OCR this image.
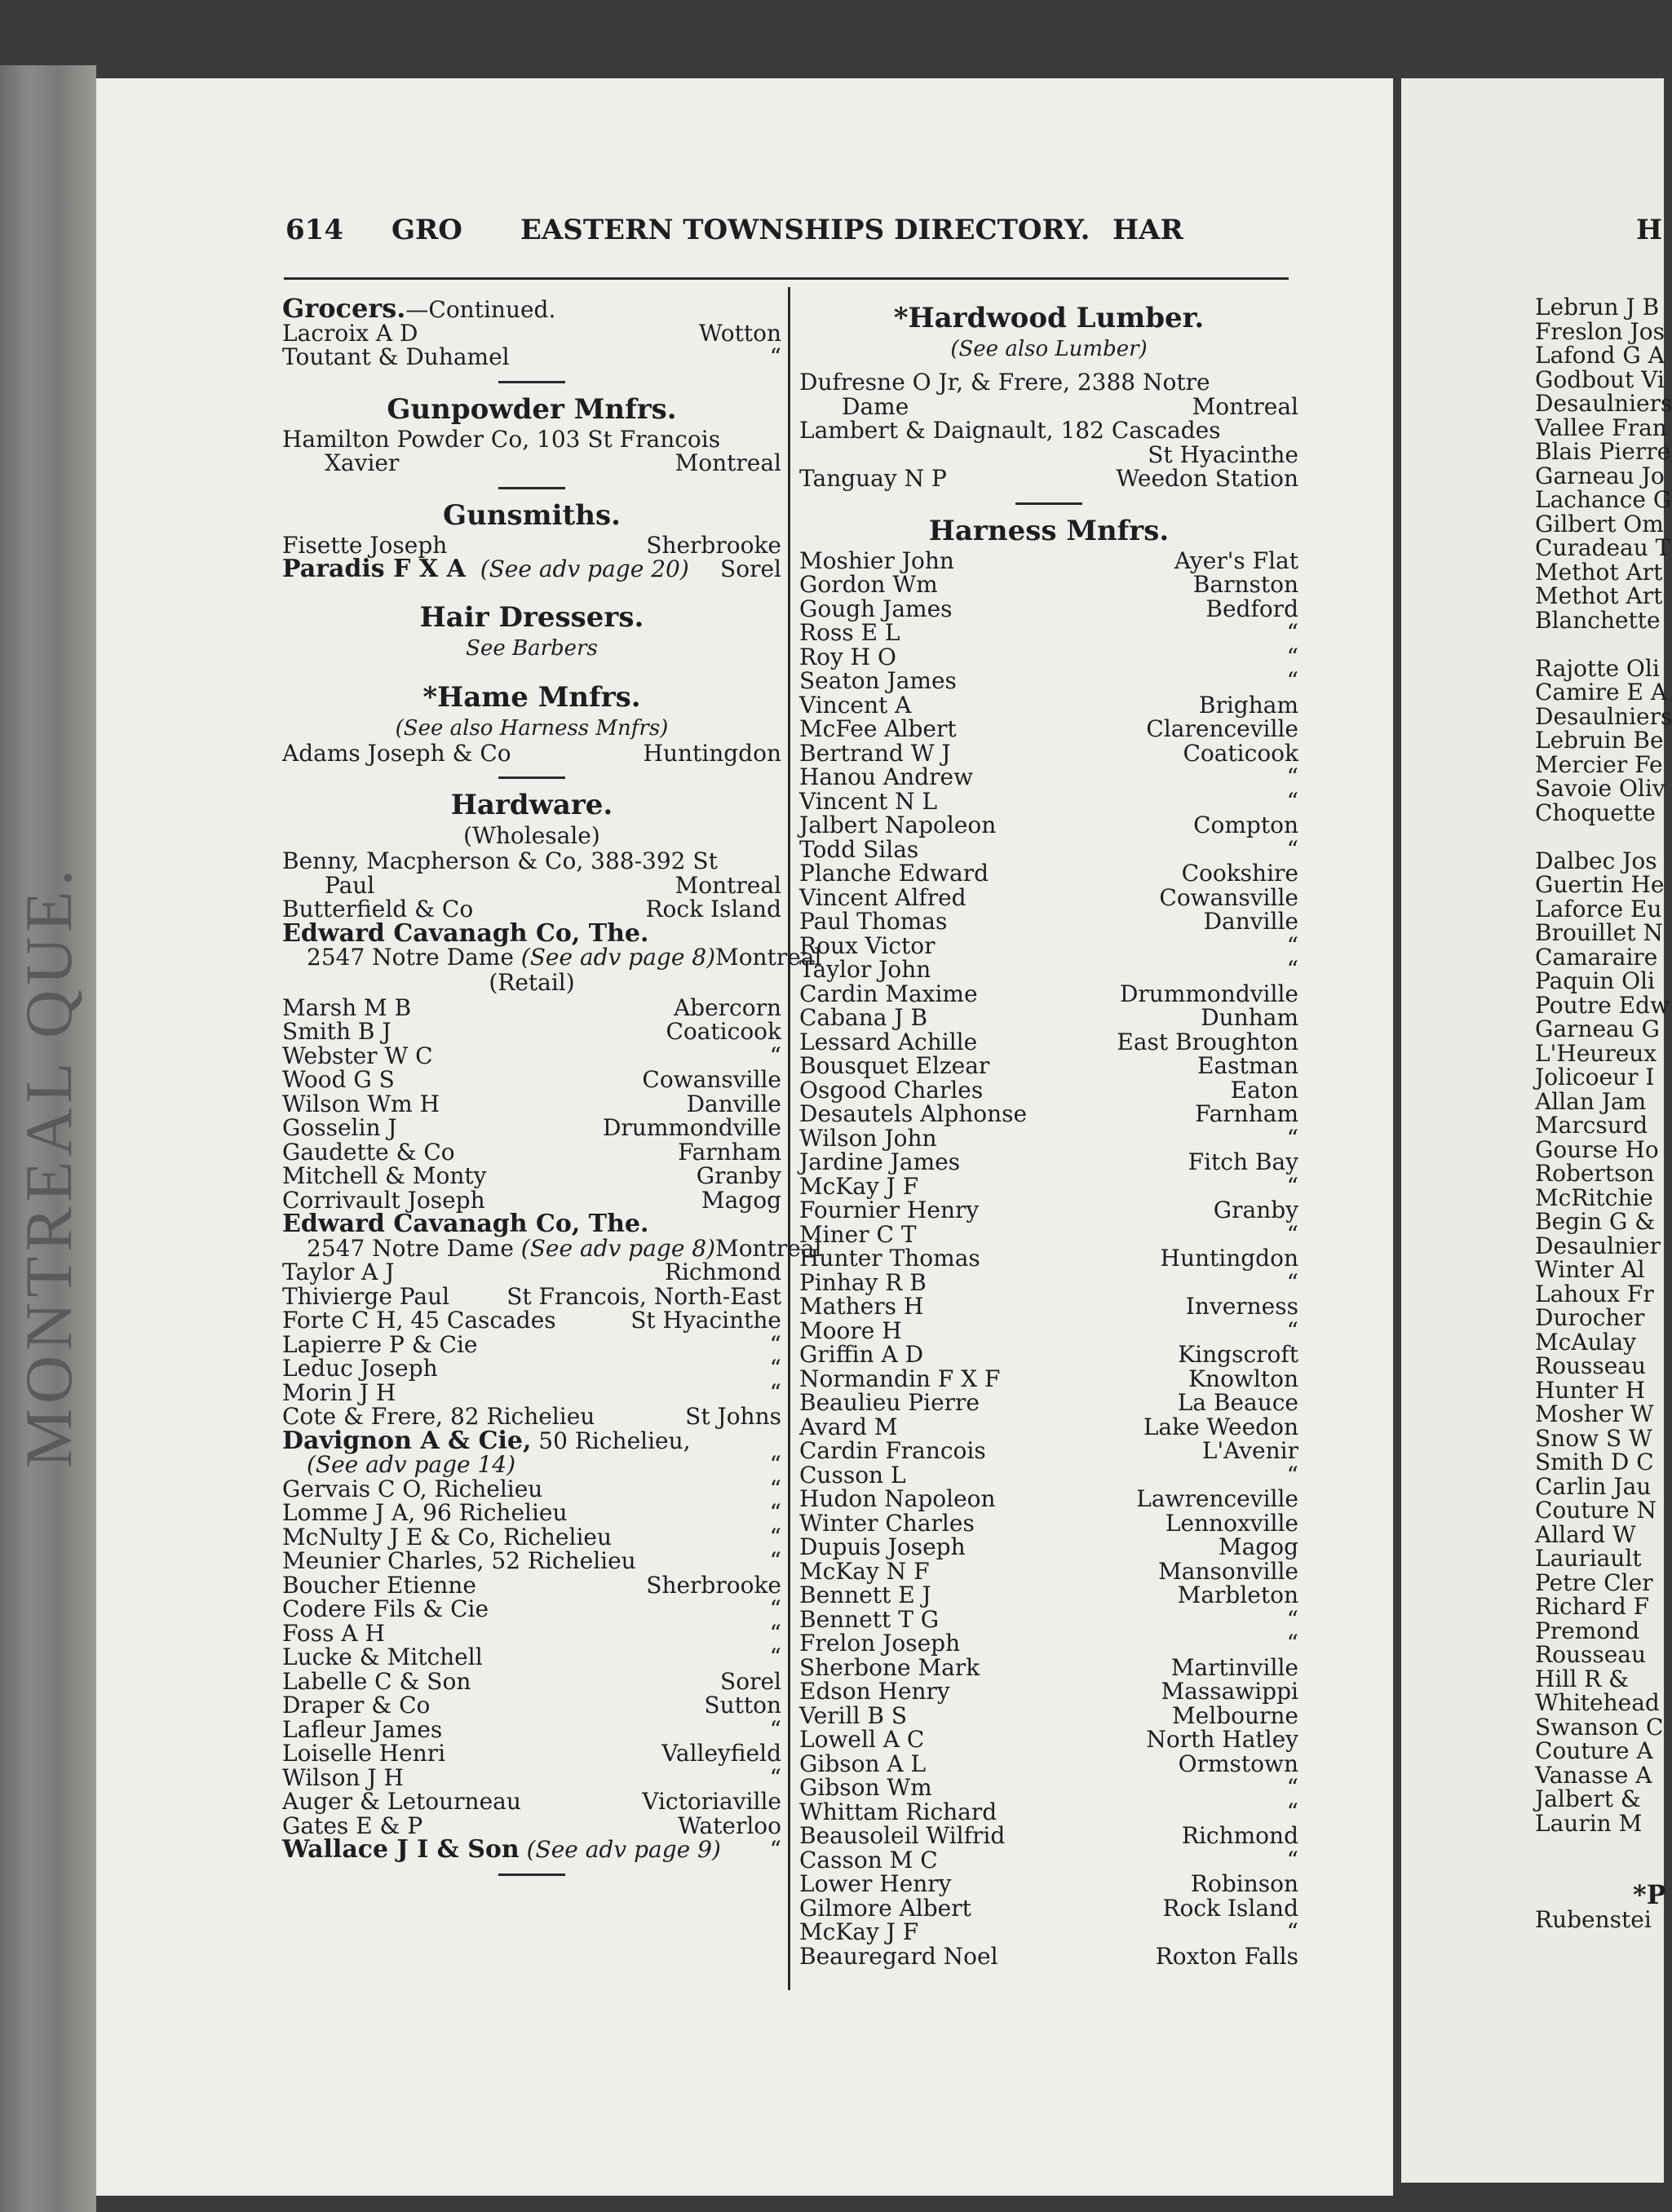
MONTREAL QUE.
614 GRO EASTERN TOWNSHIPS DIRECTORY. HAR	H
Grocers.—Continued.
Lacroix A D	Wotton
Toutant & Duhamel	“
Gunpowder Mnfrs.
Hamilton Powder Co, 103 St Francois
Xavier	Montreal
Gunsmiths.
Fisette Joseph	Sherbrooke
Paradis F X A (See adv page 20) Sorel
Hair Dressers.
See Barbers
*Hame Mnfrs.
(See also Harness Mnfrs)
Adams Joseph & Co	Huntingdon
Hardware.
(Wholesale)
Benny, Macpherson & Co, 388-392 St
Paul	Montreal
Butterfield & Co	Rock Island
Edward Cavanagh Co, The.
2547 Notre Dame (See adv page 8) Montreal
(Retail)
Marsh M B	Abercorn
Smith B J	Coaticook
Webster W C	“
Wood G S	Cowansville
Wilson Wm H	Danville
Gosselin J	Drummondville
Gaudette & Co	Farnham
Mitchell & Monty	Granby
Corrivault Joseph	Magog
Edward Cavanagh Co, The.
2547 Notre Dame (See adv page 8) Montreal
Taylor A J	Richmond
Thivierge Paul	St Francois, North-East
Forte C H, 45 Cascades	St Hyacinthe
Lapierre P & Cie	“
Leduc Joseph	“
Morin J H	“
Cote & Frere, 82 Richelieu	St Johns
Davignon A & Cie, 50 Richelieu,
(See adv page 14)	“
Gervais C O, Richelieu	“
Lomme J A, 96 Richelieu	“
McNulty J E & Co, Richelieu	“
Meunier Charles, 52 Richelieu	“
Boucher Etienne	Sherbrooke
Codere Fils & Cie	“
Foss A H	“
Lucke & Mitchell	“
Labelle C & Son	Sorel
Draper & Co	Sutton
Lafleur James	“
Loiselle Henri	Valleyfield
Wilson J H	“
Auger & Letourneau	Victoriaville
Gates E & P	Waterloo
Wallace J I & Son (See adv page 9) “
*Hardwood Lumber.
(See also Lumber)
Dufresne O Jr, & Frere, 2388 Notre
Dame	Montreal
Lambert & Daignault, 182 Cascades
St Hyacinthe
Tanguay N P	Weedon Station
Harness Mnfrs.
Moshier John	Ayer's Flat
Gordon Wm	Barnston
Gough James	Bedford
Ross E L	“
Roy H O	“
Seaton James	“
Vincent A	Brigham
McFee Albert	Clarenceville
Bertrand W J	Coaticook
Hanou Andrew	“
Vincent N L	“
Jalbert Napoleon	Compton
Todd Silas	“
Planche Edward	Cookshire
Vincent Alfred	Cowansville
Paul Thomas	Danville
Roux Victor	“
Taylor John	“
Cardin Maxime	Drummondville
Cabana J B	Dunham
Lessard Achille	East Broughton
Bousquet Elzear	Eastman
Osgood Charles	Eaton
Desautels Alphonse	Farnham
Wilson John	“
Jardine James	Fitch Bay
McKay J F	“
Fournier Henry	Granby
Miner C T	“
Hunter Thomas	Huntingdon
Pinhay R B	“
Mathers H	Inverness
Moore H	“
Griffin A D	Kingscroft
Normandin F X F	Knowlton
Beaulieu Pierre	La Beauce
Avard M	Lake Weedon
Cardin Francois	L'Avenir
Cusson L	“
Hudon Napoleon	Lawrenceville
Winter Charles	Lennoxville
Dupuis Joseph	Magog
McKay N F	Mansonville
Bennett E J	Marbleton
Bennett T G	“
Frelon Joseph	“
Sherbone Mark	Martinville
Edson Henry	Massawippi
Verill B S	Melbourne
Lowell A C	North Hatley
Gibson A L	Ormstown
Gibson Wm	“
Whittam Richard	“
Beausoleil Wilfrid	Richmond
Casson M C	“
Lower Henry	Robinson
Gilmore Albert	Rock Island
McKay J F	“
Beauregard Noel	Roxton Falls
Lebrun J B
Freslon Jos
Lafond G A
Godbout Vi
Desaulniers
Vallee Fran
Blais Pierre
Garneau Jo
Lachance G
Gilbert Om
Curadeau T
Methot Art
Methot Art
Blanchette
Rajotte Oli
Camire E A
Desaulniers
Lebruin Be
Mercier Fe
Savoie Oliv
Choquette
Dalbec Jos
Guertin He
Laforce Eu
Brouillet N
Camaraire
Paquin Oli
Poutre Edw
Garneau G
L'Heureux
Jolicoeur I
Allan Jam
Marcsurd
Gourse Ho
Robertson
McRitchie
Begin G &
Desaulnier
Winter Al
Lahoux Fr
Durocher
McAulay
Rousseau
Hunter H
Mosher W
Snow S W
Smith D C
Carlin Jau
Couture N
Allard W
Lauriault
Petre Cler
Richard F
Premond
Rousseau
Hill R &
Whitehead
Swanson C
Couture A
Vanasse A
Jalbert &
Laurin M
*P
Rubenstei
